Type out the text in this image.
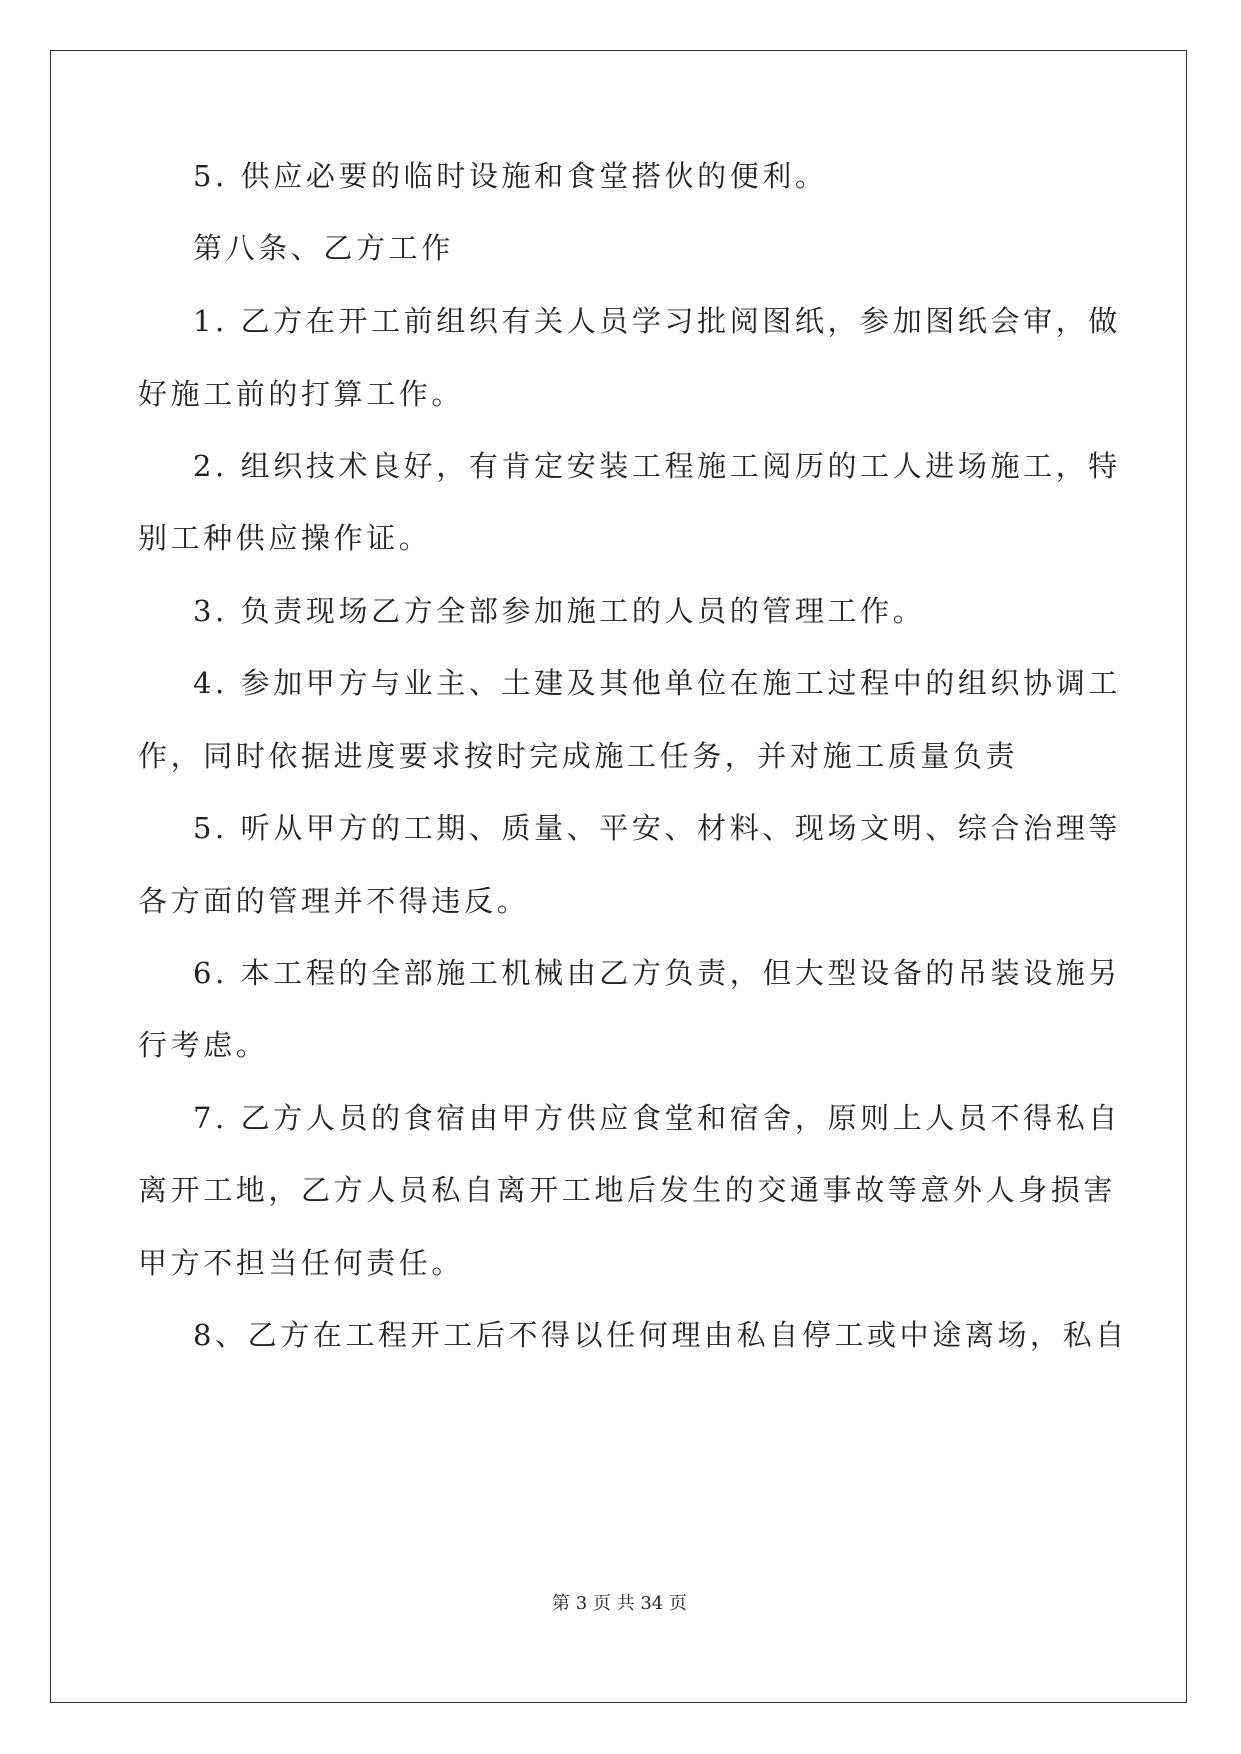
5. 供应必要的临时设施和食堂搭伙的便利。
第八条、乙方工作
1. 乙方在开工前组织有关人员学习批阅图纸，参加图纸会审，做
好施工前的打算工作。
2. 组织技术良好，有肯定安装工程施工阅历的工人进场施工，特
别工种供应操作证。
3. 负责现场乙方全部参加施工的人员的管理工作。
4. 参加甲方与业主、土建及其他单位在施工过程中的组织协调工
作，同时依据进度要求按时完成施工任务，并对施工质量负责
5. 听从甲方的工期、质量、平安、材料、现场文明、综合治理等
各方面的管理并不得违反。
6. 本工程的全部施工机械由乙方负责，但大型设备的吊装设施另
行考虑。
7. 乙方人员的食宿由甲方供应食堂和宿舍，原则上人员不得私自
离开工地，乙方人员私自离开工地后发生的交通事故等意外人身损害
甲方不担当任何责任。
8、乙方在工程开工后不得以任何理由私自停工或中途离场，私自
第 3 页 共 34 页
